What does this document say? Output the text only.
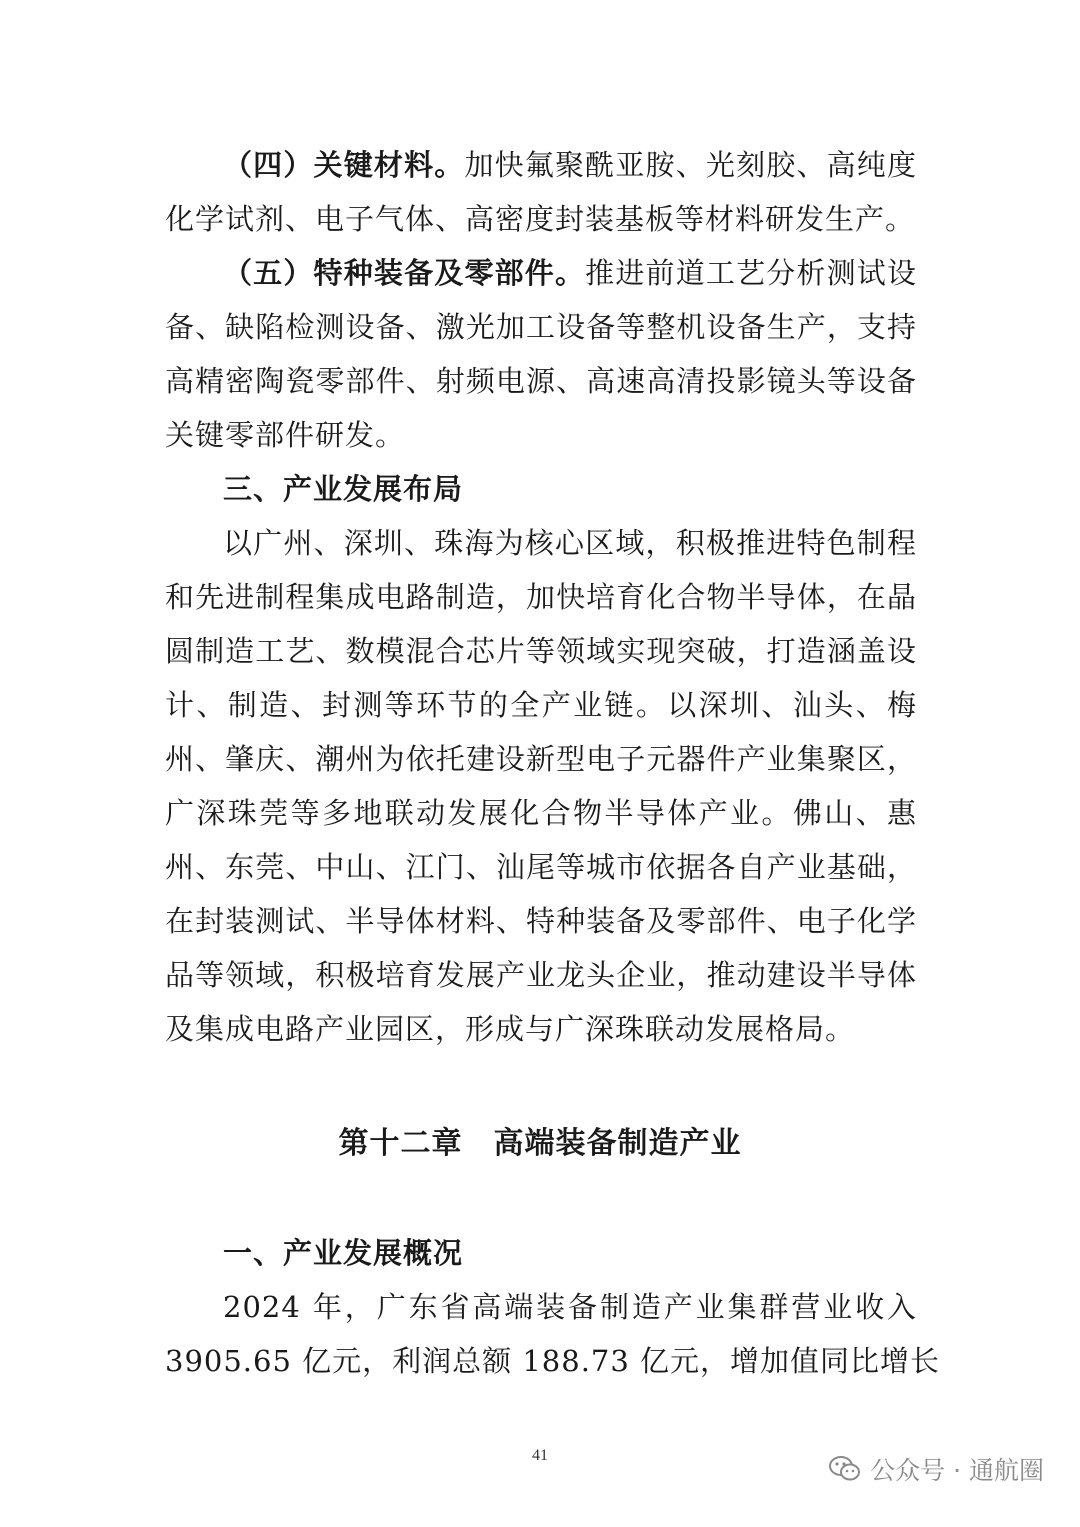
（四）关键材料。加快氟聚酰亚胺、光刻胶、高纯度
化学试剂、电子气体、高密度封装基板等材料研发生产。
（五）特种装备及零部件。推进前道工艺分析测试设
备、缺陷检测设备、激光加工设备等整机设备生产，支持
高精密陶瓷零部件、射频电源、高速高清投影镜头等设备
关键零部件研发。
三、产业发展布局
以广州、深圳、珠海为核心区域，积极推进特色制程
和先进制程集成电路制造，加快培育化合物半导体，在晶
圆制造工艺、数模混合芯片等领域实现突破，打造涵盖设
计、制造、封测等环节的全产业链。以深圳、汕头、梅
州、肇庆、潮州为依托建设新型电子元器件产业集聚区，
广深珠莞等多地联动发展化合物半导体产业。佛山、惠
州、东莞、中山、江门、汕尾等城市依据各自产业基础，
在封装测试、半导体材料、特种装备及零部件、电子化学
品等领域，积极培育发展产业龙头企业，推动建设半导体
及集成电路产业园区，形成与广深珠联动发展格局。
第十二章　高端装备制造产业
一、产业发展概况
2024 年，广东省高端装备制造产业集群营业收入
3905.65 亿元，利润总额 188.73 亿元，增加值同比增长
41
公众号 · 通航圈
